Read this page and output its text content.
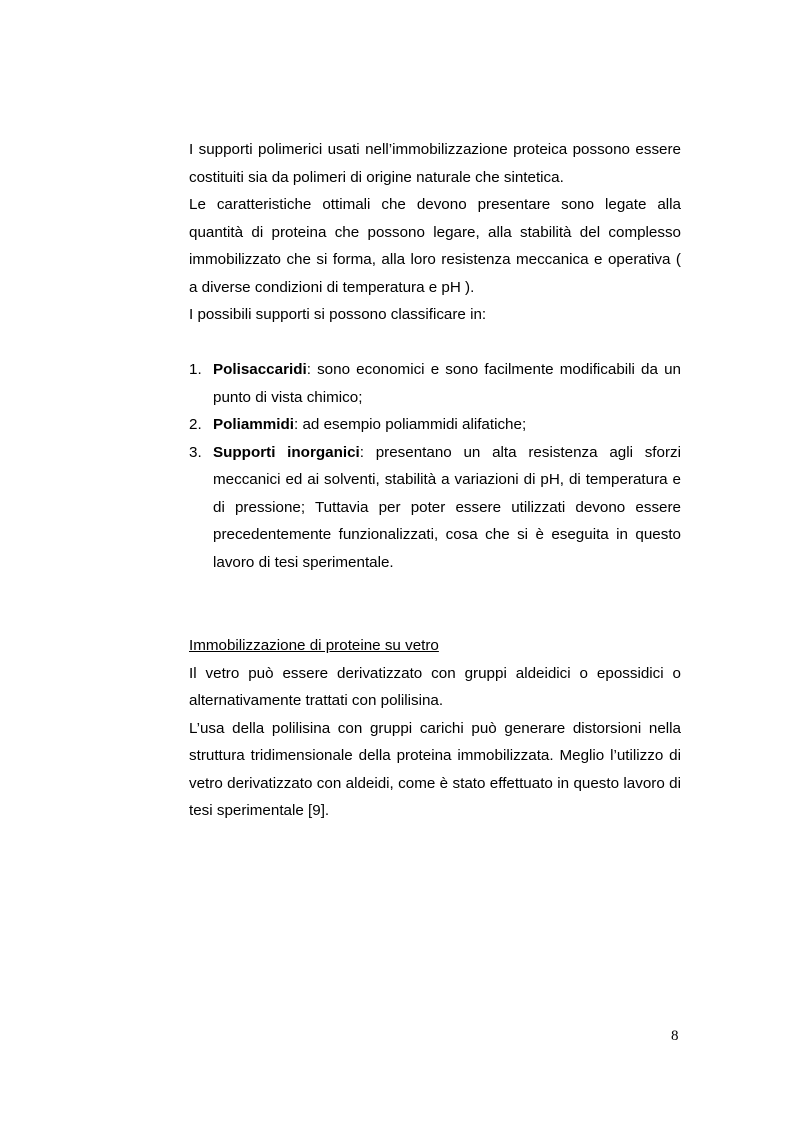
I supporti polimerici usati nell’immobilizzazione proteica possono essere costituiti sia da polimeri di origine naturale che sintetica.

Le caratteristiche ottimali che devono presentare sono legate alla quantità di proteina che possono legare, alla stabilità del complesso immobilizzato che si forma, alla loro resistenza meccanica e operativa ( a diverse condizioni di temperatura e pH ).

I possibili supporti si possono classificare in:

1. Polisaccaridi: sono economici e sono facilmente modificabili da un punto di vista chimico;
2. Poliammidi: ad esempio poliammidi alifatiche;
3. Supporti inorganici: presentano un alta resistenza agli sforzi meccanici ed ai solventi, stabilità a variazioni di pH, di temperatura e di pressione; Tuttavia per poter essere utilizzati devono essere precedentemente funzionalizzati, cosa che si è eseguita in questo lavoro di tesi sperimentale.

Immobilizzazione di proteine su vetro

Il vetro può essere derivatizzato con gruppi aldeidici o epossidici o alternativamente trattati con polilisina.

L’usa della polilisina con gruppi carichi può generare distorsioni nella struttura tridimensionale della proteina immobilizzata. Meglio l’utilizzo di vetro derivatizzato con aldeidi, come è stato effettuato in questo lavoro di tesi sperimentale [9].

8
